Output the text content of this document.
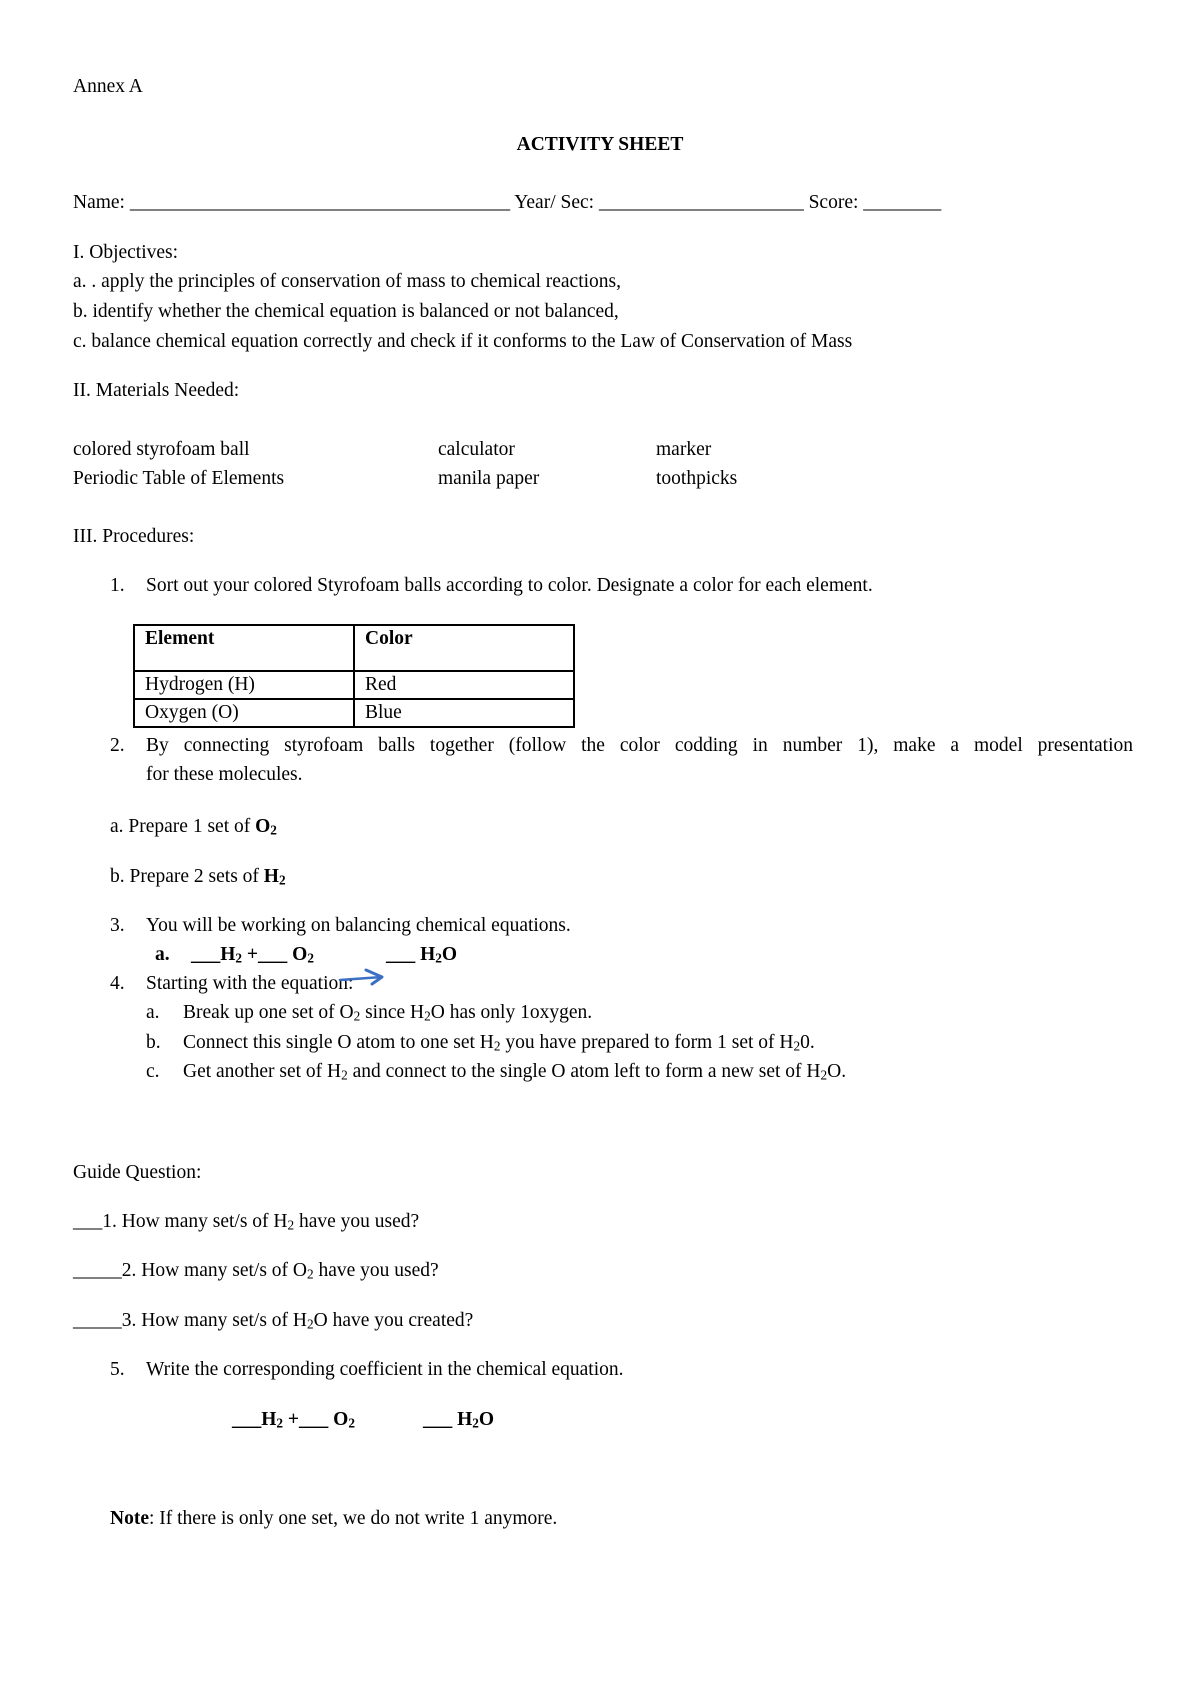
Annex A
ACTIVITY SHEET
Name: _______________________________________ Year/ Sec: _____________________ Score: ________
I. Objectives:
a. . apply the principles of conservation of mass to chemical reactions,
b. identify whether the chemical equation is balanced or not balanced,
c. balance chemical equation correctly and check if it conforms to the Law of Conservation of Mass
II. Materials Needed:
colored styrofoam ball	calculator	marker
Periodic Table of Elements	manila paper	toothpicks
III. Procedures:
1. Sort out your colored Styrofoam balls according to color. Designate a color for each element.
Element	Color
Hydrogen (H)	Red
Oxygen (O)	Blue
2. By connecting styrofoam balls together (follow the color codding in number 1), make a model presentation
for these molecules.
a. Prepare 1 set of $O_2$
b. Prepare 2 sets of $H_2$
3. You will be working on balancing chemical equations.
a. $\_\_\_H_2$ +___ $O_2$	___ $H_2O$
4. Starting with the equation:
a. Break up one set of $O_2$ since $H_2O$ has only 1oxygen.
b. Connect this single O atom to one set $H_2$ you have prepared to form 1 set of $H_20$.
c. Get another set of $H_2$ and connect to the single O atom left to form a new set of $H_2O$.
Guide Question:
___1. How many set/s of $H_2$ have you used?
_____2. How many set/s of $O_2$ have you used?
_____3. How many set/s of $H_2O$ have you created?
5. Write the corresponding coefficient in the chemical equation.
$\_\_\_H_2$ +___ $O_2$	___ $H_2O$
Note: If there is only one set, we do not write 1 anymore.
